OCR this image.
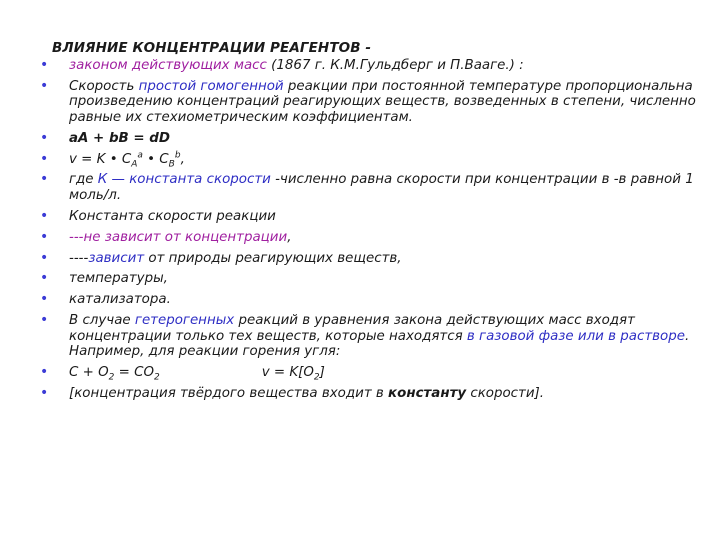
ВЛИЯНИЕ КОНЦЕНТРАЦИИ РЕАГЕНТОВ -
• законом действующих масс (1867 г. К.М.Гульдберг и П.Вааге.) :
• Скорость простой гомогенной реакции при постоянной температуре пропорциональна произведению концентраций реагирующих веществ, возведенных в степени, численно равные их стехиометрическим коэффициентам.
• aA + bB = dD
• v = K • $C_A^a$ • $C_B^b$,
• где К — константа скорости -численно равна скорости при концентрации в -в равной 1 моль/л.
• Константа скорости реакции
• ---не зависит от концентрации,
• ----зависит от природы реагирующих веществ,
• температуры,
• катализатора.
• В случае гетерогенных реакций в уравнения закона действующих масс входят концентрации только тех веществ, которые находятся в газовой фазе или в растворе. Например, для реакции горения угля:
• $C + O_2 = CO_2$	$v = K[O_2]$
• [концентрация твёрдого вещества входит в константу скорости].
